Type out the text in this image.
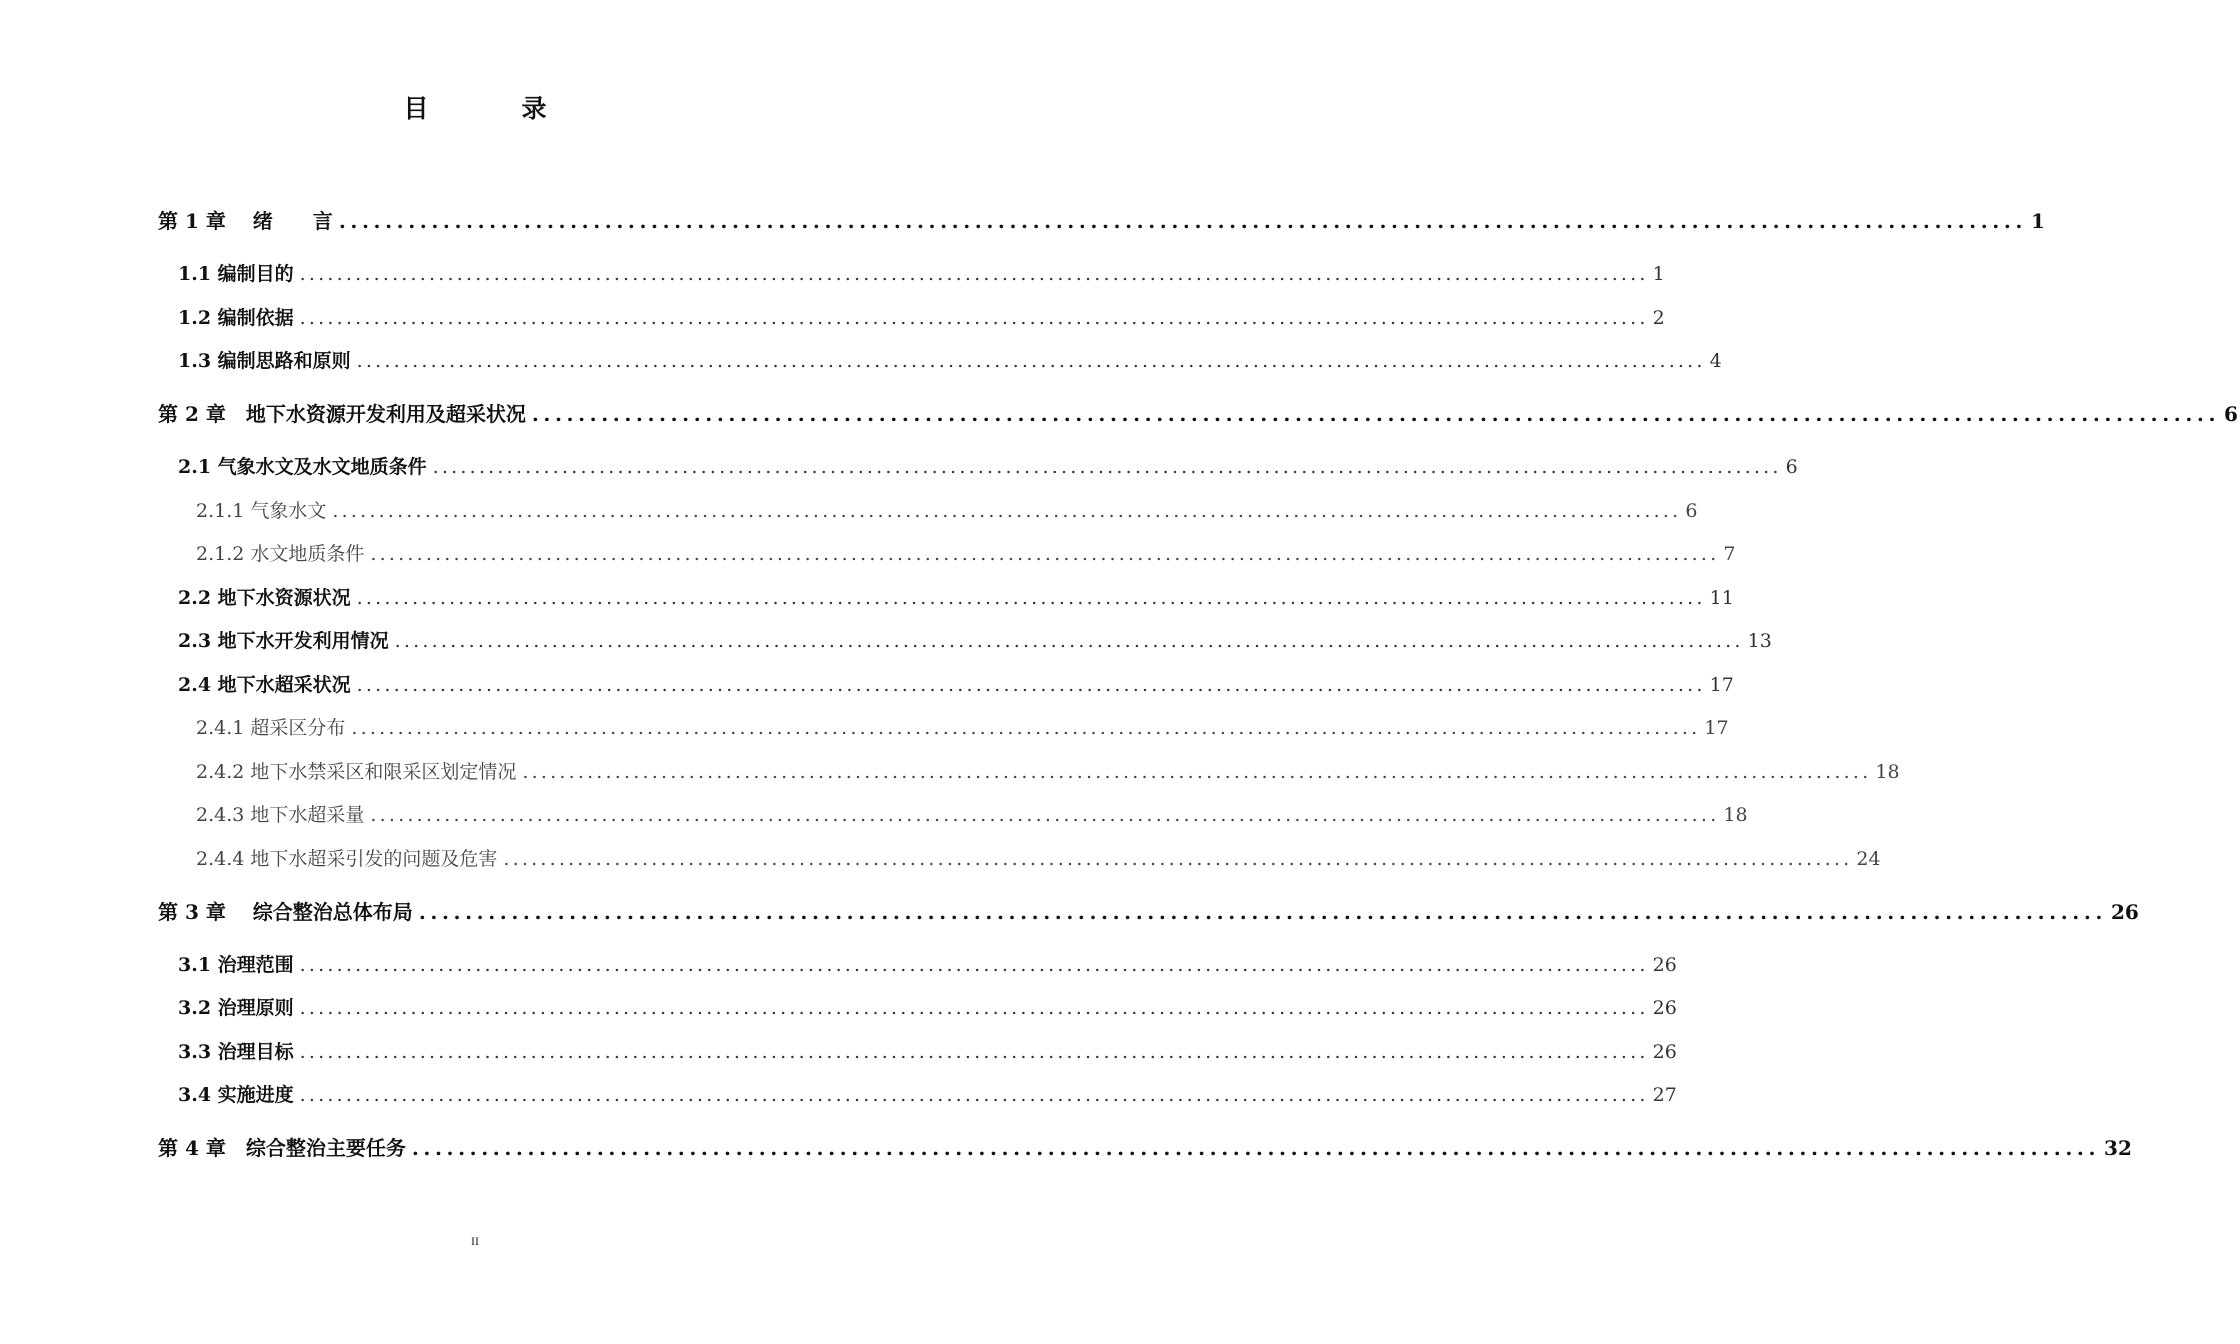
目　录
第 1 章　 绪　　言 .................................................................................................................................................. 1
1.1 编制目的 .................................................................................................................................................. 1
1.2 编制依据 .................................................................................................................................................. 2
1.3 编制思路和原则 .................................................................................................................................................. 4
第 2 章　地下水资源开发利用及超采状况 .................................................................................................................................................. 6
2.1 气象水文及水文地质条件 .................................................................................................................................................. 6
2.1.1 气象水文 .................................................................................................................................................. 6
2.1.2 水文地质条件 .................................................................................................................................................. 7
2.2 地下水资源状况 .................................................................................................................................................. 11
2.3 地下水开发利用情况 .................................................................................................................................................. 13
2.4 地下水超采状况 .................................................................................................................................................. 17
2.4.1 超采区分布 .................................................................................................................................................. 17
2.4.2 地下水禁采区和限采区划定情况 .................................................................................................................................................. 18
2.4.3 地下水超采量 .................................................................................................................................................. 18
2.4.4 地下水超采引发的问题及危害 .................................................................................................................................................. 24
第 3 章　 综合整治总体布局 .................................................................................................................................................. 26
3.1 治理范围 .................................................................................................................................................. 26
3.2 治理原则 .................................................................................................................................................. 26
3.3 治理目标 .................................................................................................................................................. 26
3.4 实施进度 .................................................................................................................................................. 27
第 4 章　综合整治主要任务 .................................................................................................................................................. 32
II
